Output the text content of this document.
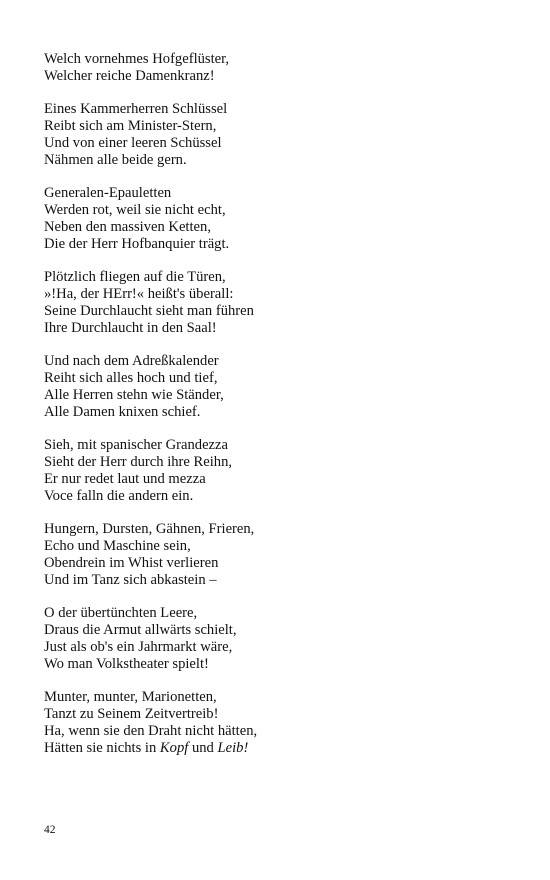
Welch vornehmes Hofgeflüster,
Welcher reiche Damenkranz!
Eines Kammerherren Schlüssel
Reibt sich am Minister-Stern,
Und von einer leeren Schüssel
Nähmen alle beide gern.
Generalen-Epauletten
Werden rot, weil sie nicht echt,
Neben den massiven Ketten,
Die der Herr Hofbanquier trägt.
Plötzlich fliegen auf die Türen,
»!Ha, der HErr!« heißt's überall:
Seine Durchlaucht sieht man führen
Ihre Durchlaucht in den Saal!
Und nach dem Adreßkalender
Reiht sich alles hoch und tief,
Alle Herren stehn wie Ständer,
Alle Damen knixen schief.
Sieh, mit spanischer Grandezza
Sieht der Herr durch ihre Reihn,
Er nur redet laut und mezza
Voce falln die andern ein.
Hungern, Dursten, Gähnen, Frieren,
Echo und Maschine sein,
Obendrein im Whist verlieren
Und im Tanz sich abkastein –
O der übertünchten Leere,
Draus die Armut allwärts schielt,
Just als ob's ein Jahrmarkt wäre,
Wo man Volkstheater spielt!
Munter, munter, Marionetten,
Tanzt zu Seinem Zeitvertreib!
Ha, wenn sie den Draht nicht hätten,
Hätten sie nichts in Kopf und Leib!
42
